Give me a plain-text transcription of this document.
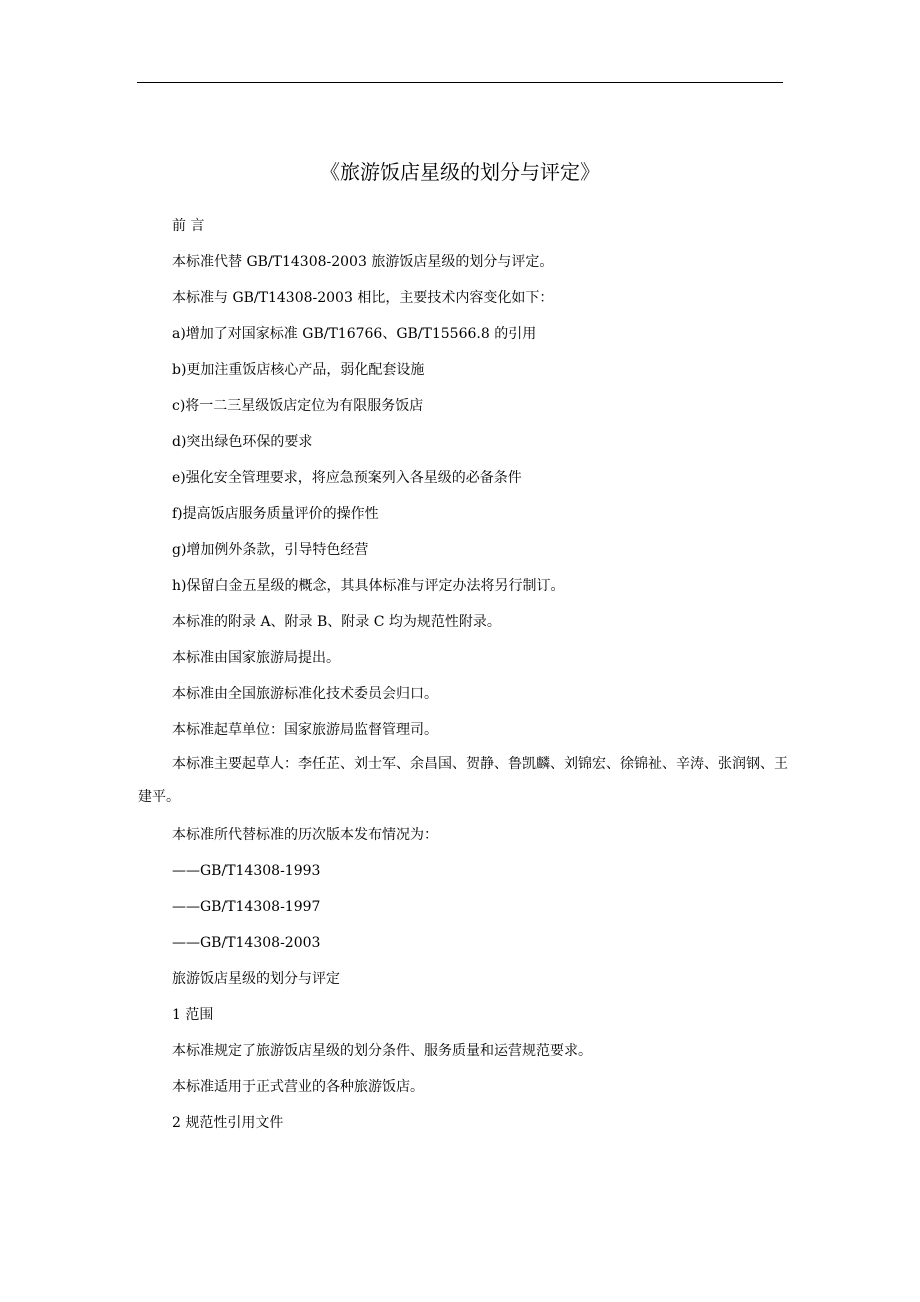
《旅游饭店星级的划分与评定》

前 言

本标准代替 GB/T14308-2003 旅游饭店星级的划分与评定。

本标准与 GB/T14308-2003 相比，主要技术内容变化如下：

a)增加了对国家标准 GB/T16766、GB/T15566.8 的引用

b)更加注重饭店核心产品，弱化配套设施

c)将一二三星级饭店定位为有限服务饭店

d)突出绿色环保的要求

e)强化安全管理要求，将应急预案列入各星级的必备条件

f)提高饭店服务质量评价的操作性

g)增加例外条款，引导特色经营

h)保留白金五星级的概念，其具体标准与评定办法将另行制订。

本标准的附录 A、附录 B、附录 C 均为规范性附录。

本标准由国家旅游局提出。

本标准由全国旅游标准化技术委员会归口。

本标准起草单位：国家旅游局监督管理司。

本标准主要起草人：李任芷、刘士军、余昌国、贺静、鲁凯麟、刘锦宏、徐锦祉、辛涛、张润钢、王建平。

本标准所代替标准的历次版本发布情况为：

——GB/T14308-1993

——GB/T14308-1997

——GB/T14308-2003

旅游饭店星级的划分与评定

1 范围

本标准规定了旅游饭店星级的划分条件、服务质量和运营规范要求。

本标准适用于正式营业的各种旅游饭店。

2 规范性引用文件
